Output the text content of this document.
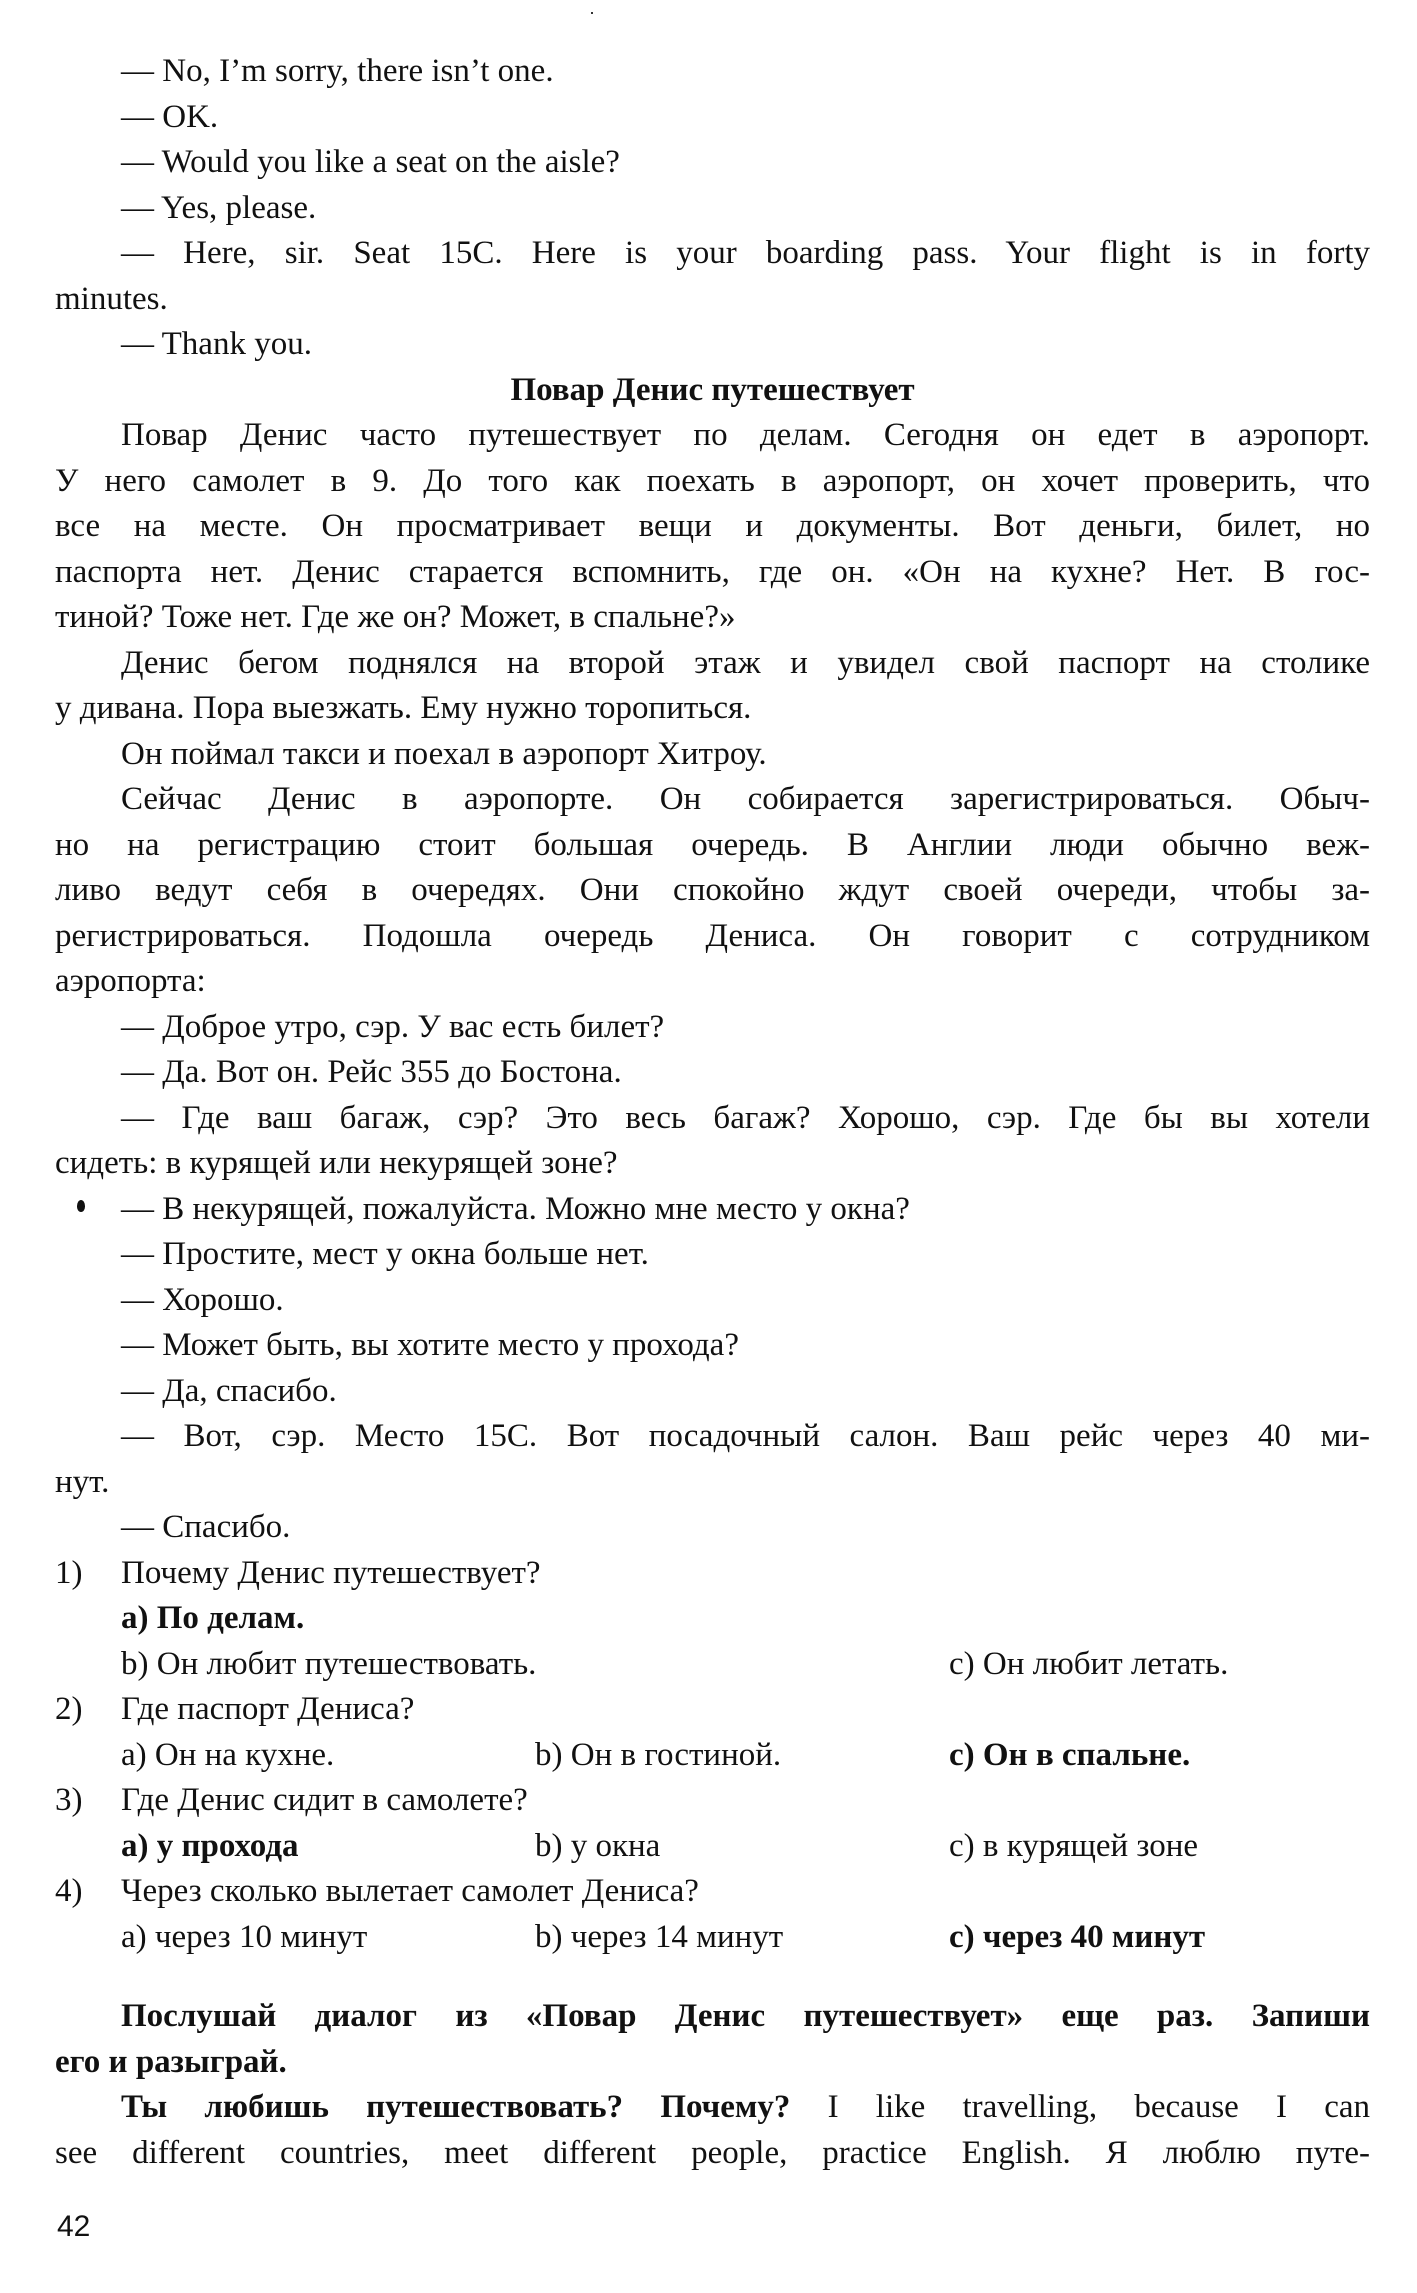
— No, I’m sorry, there isn’t one.
— OK.
— Would you like a seat on the aisle?
— Yes, please.
— Here, sir. Seat 15C. Here is your boarding pass. Your flight is in forty
minutes.
— Thank you.
Повар Денис путешествует
Повар Денис часто путешествует по делам. Сегодня он едет в аэропорт.
У него самолет в 9. До того как поехать в аэропорт, он хочет проверить, что
все на месте. Он просматривает вещи и документы. Вот деньги, билет, но
паспорта нет. Денис старается вспомнить, где он. «Он на кухне? Нет. В гос-
тиной? Тоже нет. Где же он? Может, в спальне?»
Денис бегом поднялся на второй этаж и увидел свой паспорт на столике
у дивана. Пора выезжать. Ему нужно торопиться.
Он поймал такси и поехал в аэропорт Хитроу.
Сейчас Денис в аэропорте. Он собирается зарегистрироваться. Обыч-
но на регистрацию стоит большая очередь. В Англии люди обычно веж-
ливо ведут себя в очередях. Они спокойно ждут своей очереди, чтобы за-
регистрироваться. Подошла очередь Дениса. Он говорит с сотрудником
аэропорта:
— Доброе утро, сэр. У вас есть билет?
— Да. Вот он. Рейс 355 до Бостона.
— Где ваш багаж, сэр? Это весь багаж? Хорошо, сэр. Где бы вы хотели
сидеть: в курящей или некурящей зоне?
— В некурящей, пожалуйста. Можно мне место у окна?
— Простите, мест у окна больше нет.
— Хорошо.
— Может быть, вы хотите место у прохода?
— Да, спасибо.
— Вот, сэр. Место 15С. Вот посадочный салон. Ваш рейс через 40 ми-
нут.
— Спасибо.
1) Почему Денис путешествует?
а) По делам.
b) Он любит путешествовать.	с) Он любит летать.
2) Где паспорт Дениса?
а) Он на кухне.	b) Он в гостиной.	с) Он в спальне.
3) Где Денис сидит в самолете?
а) у прохода	b) у окна	с) в курящей зоне
4) Через сколько вылетает самолет Дениса?
а) через 10 минут	b) через 14 минут	с) через 40 минут
Послушай диалог из «Повар Денис путешествует» еще раз. Запиши
его и разыграй.
Ты любишь путешествовать? Почему? I like travelling, because I can
see different countries, meet different people, practice English. Я люблю путе-
42
